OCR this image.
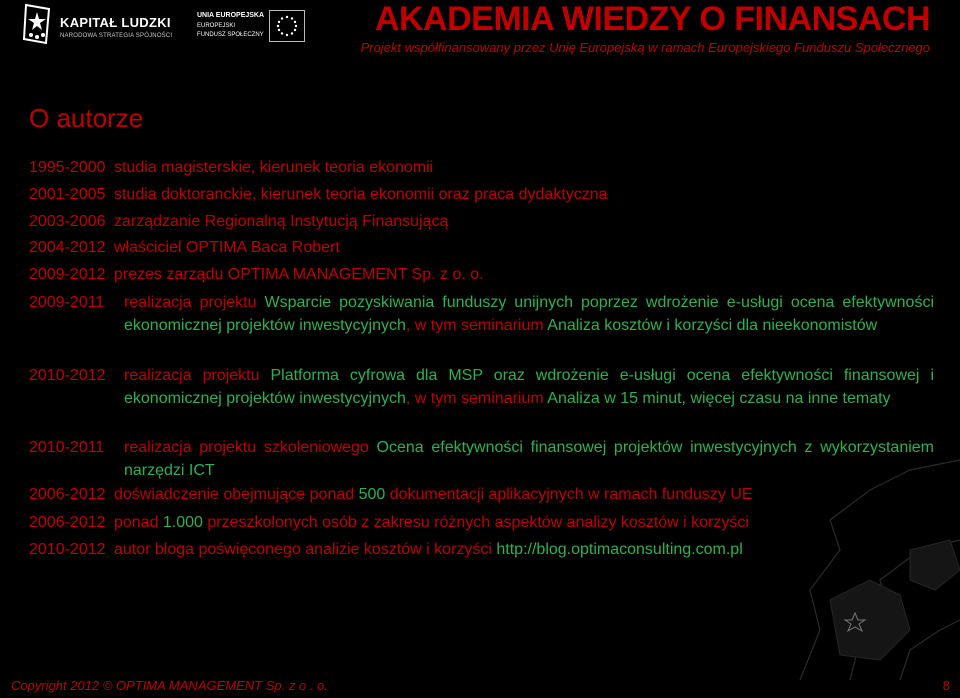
KAPITAŁ LUDZKI
NARODOWA STRATEGIA SPÓJNOŚCI
UNIA EUROPEJSKA
EUROPEJSKI
FUNDUSZ SPOŁECZNY	AKADEMIA WIEDZY O FINANSACH
Projekt współfinansowany przez Unię Europejską w ramach Europejskiego Funduszu Społecznego
O autorze
1995-2000 studia magisterskie, kierunek teoria ekonomii
2001-2005 studia doktoranckie, kierunek teoria ekonomii oraz praca dydaktyczna
2003-2006 zarządzanie Regionalną Instytucją Finansującą
2004-2012 właściciel OPTIMA Baca Robert
2009-2012 prezes zarządu OPTIMA MANAGEMENT Sp. z o. o.
2009-2011 realizacja projektu Wsparcie pozyskiwania funduszy unijnych poprzez wdrożenie e-usługi ocena efektywności ekonomicznej projektów inwestycyjnych, w tym seminarium Analiza kosztów i korzyści dla nieekonomistów
2010-2012 realizacja projektu Platforma cyfrowa dla MSP oraz wdrożenie e-usługi ocena efektywności finansowej i ekonomicznej projektów inwestycyjnych, w tym seminarium Analiza w 15 minut, więcej czasu na inne tematy
2010-2011 realizacja projektu szkoleniowego Ocena efektywności finansowej projektów inwestycyjnych z wykorzystaniem narzędzi ICT
2006-2012 doświadczenie obejmujące ponad 500 dokumentacji aplikacyjnych w ramach funduszy UE
2006-2012 ponad 1.000 przeszkolonych osób z zakresu różnych aspektów analizy kosztów i korzyści
2010-2012 autor bloga poświęconego analizie kosztów i korzyści http://blog.optimaconsulting.com.pl
Copyright 2012 © OPTIMA MANAGEMENT Sp. z o . o.	8
